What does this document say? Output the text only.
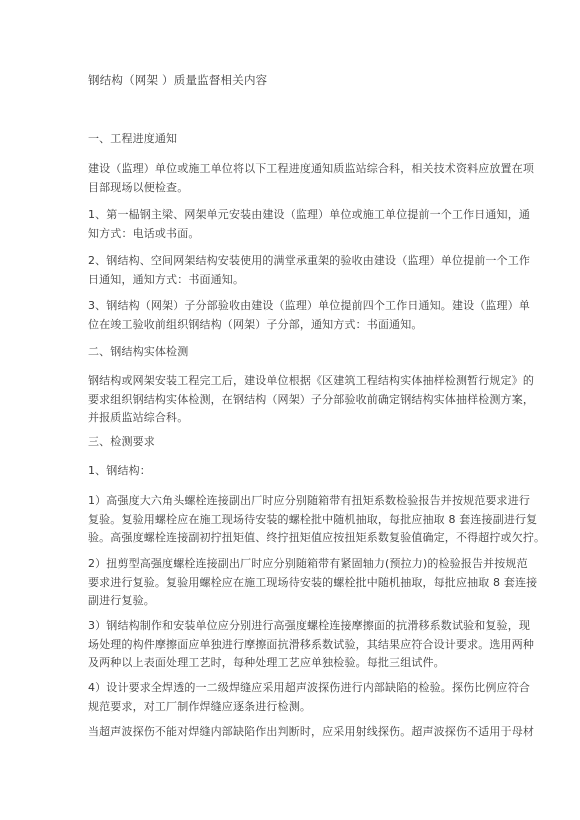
钢结构（网架 ）质量监督相关内容

一、工程进度通知

建设（监理）单位或施工单位将以下工程进度通知质监站综合科，相关技术资料应放置在项

目部现场以便检查。

1、第一榀钢主梁、网架单元安装由建设（监理）单位或施工单位提前一个工作日通知，通

知方式：电话或书面。

2、钢结构、空间网架结构安装使用的满堂承重架的验收由建设（监理）单位提前一个工作

日通知，通知方式：书面通知。

3、钢结构（网架）子分部验收由建设（监理）单位提前四个工作日通知。建设（监理）单

位在竣工验收前组织钢结构（网架）子分部，通知方式：书面通知。

二、钢结构实体检测

钢结构或网架安装工程完工后，建设单位根据《区建筑工程结构实体抽样检测暂行规定》的

要求组织钢结构实体检测，在钢结构（网架）子分部验收前确定钢结构实体抽样检测方案，

并报质监站综合科。

三、检测要求

1、钢结构：

1）高强度大六角头螺栓连接副出厂时应分别随箱带有扭矩系数检验报告并按规范要求进行

复验。复验用螺栓应在施工现场待安装的螺栓批中随机抽取，每批应抽取 8 套连接副进行复

验。高强度螺栓连接副初拧扭矩值、终拧扭矩值应按扭矩系数复验值确定，不得超拧或欠拧。

2）扭剪型高强度螺栓连接副出厂时应分别随箱带有紧固轴力(预拉力)的检验报告并按规范

要求进行复验。复验用螺栓应在施工现场待安装的螺栓批中随机抽取，每批应抽取 8 套连接

副进行复验。

3）钢结构制作和安装单位应分别进行高强度螺栓连接摩擦面的抗滑移系数试验和复验，现

场处理的构件摩擦面应单独进行摩擦面抗滑移系数试验，其结果应符合设计要求。选用两种

及两种以上表面处理工艺时，每种处理工艺应单独检验。每批三组试件。

4）设计要求全焊透的一二级焊缝应采用超声波探伤进行内部缺陷的检验。探伤比例应符合

规范要求，对工厂制作焊缝应逐条进行检测。

当超声波探伤不能对焊缝内部缺陷作出判断时，应采用射线探伤。超声波探伤不适用于母材
